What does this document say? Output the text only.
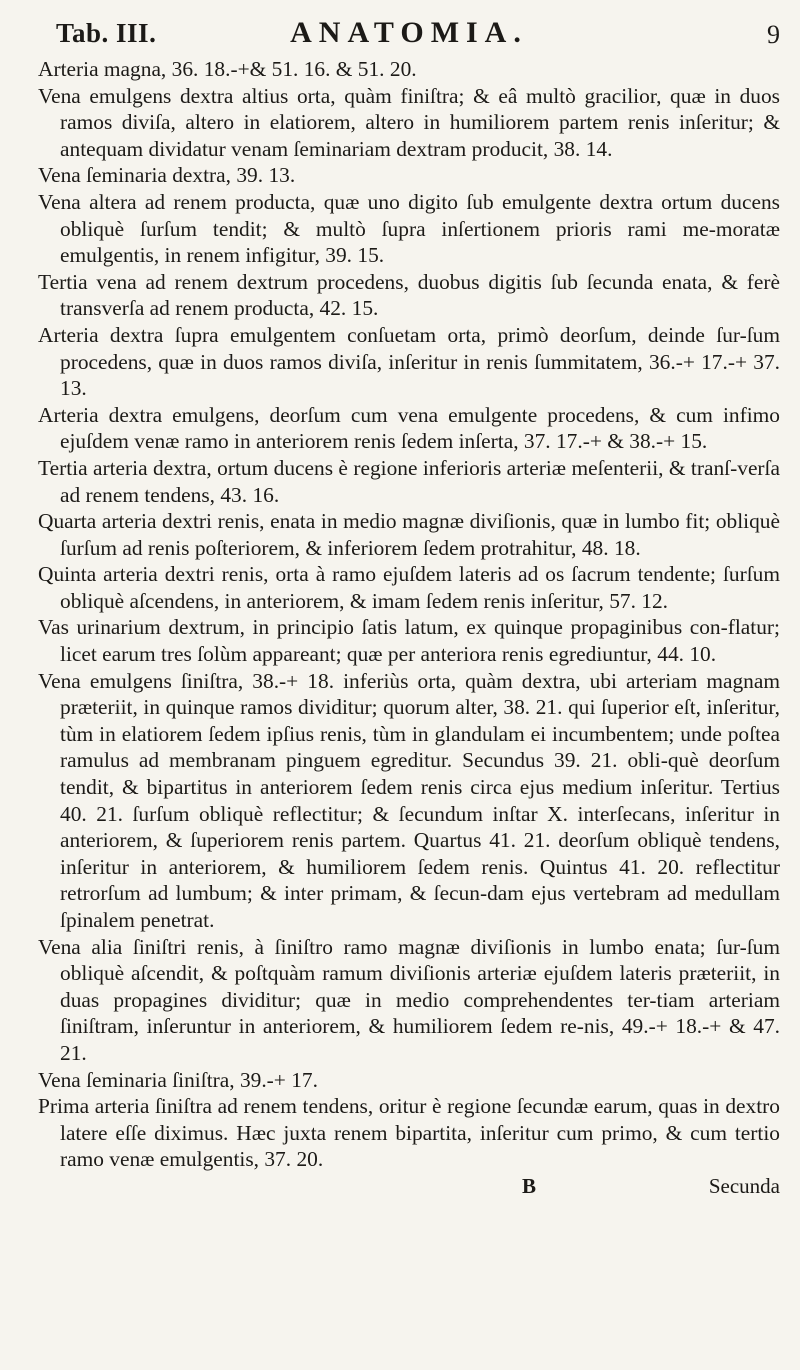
Tab. III.	ANATOMIA.	9

Arteria magna, 36. 18.-+& 51. 16. & 51. 20.

Vena emulgens dextra altius orta, quàm finiſtra; & eâ multò gracilior, quæ in duos ramos diviſa, altero in elatiorem, altero in humiliorem partem renis inſeritur; & antequam dividatur venam ſeminariam dextram producit, 38. 14.

Vena ſeminaria dextra, 39. 13.

Vena altera ad renem producta, quæ uno digito ſub emulgente dextra ortum ducens obliquè ſurſum tendit; & multò ſupra inſertionem prioris rami me-moratæ emulgentis, in renem infigitur, 39. 15.

Tertia vena ad renem dextrum procedens, duobus digitis ſub ſecunda enata, & ferè transverſa ad renem producta, 42. 15.

Arteria dextra ſupra emulgentem conſuetam orta, primò deorſum, deinde ſur-ſum procedens, quæ in duos ramos diviſa, inſeritur in renis ſummitatem, 36.-+ 17.-+ 37. 13.

Arteria dextra emulgens, deorſum cum vena emulgente procedens, & cum infimo ejuſdem venæ ramo in anteriorem renis ſedem inſerta, 37. 17.-+ & 38.-+ 15.

Tertia arteria dextra, ortum ducens è regione inferioris arteriæ meſenterii, & tranſ-verſa ad renem tendens, 43. 16.

Quarta arteria dextri renis, enata in medio magnæ diviſionis, quæ in lumbo fit; obliquè ſurſum ad renis poſteriorem, & inferiorem ſedem protrahitur, 48. 18.

Quinta arteria dextri renis, orta à ramo ejuſdem lateris ad os ſacrum tendente; ſurſum obliquè aſcendens, in anteriorem, & imam ſedem renis inſeritur, 57. 12.

Vas urinarium dextrum, in principio ſatis latum, ex quinque propaginibus con-flatur; licet earum tres ſolùm appareant; quæ per anteriora renis egrediuntur, 44. 10.

Vena emulgens ſiniſtra, 38.-+ 18. inferiùs orta, quàm dextra, ubi arteriam magnam præteriit, in quinque ramos dividitur; quorum alter, 38. 21. qui ſuperior eſt, inſeritur, tùm in elatiorem ſedem ipſius renis, tùm in glandulam ei incumbentem; unde poſtea ramulus ad membranam pinguem egreditur. Secundus 39. 21. obli-què deorſum tendit, & bipartitus in anteriorem ſedem renis circa ejus medium inſeritur. Tertius 40. 21. ſurſum obliquè reflectitur; & ſecundum inſtar X. interſecans, inſeritur in anteriorem, & ſuperiorem renis partem. Quartus 41. 21. deorſum obliquè tendens, inſeritur in anteriorem, & humiliorem ſedem renis. Quintus 41. 20. reflectitur retrorſum ad lumbum; & inter primam, & ſecun-dam ejus vertebram ad medullam ſpinalem penetrat.

Vena alia ſiniſtri renis, à ſiniſtro ramo magnæ diviſionis in lumbo enata; ſur-ſum obliquè aſcendit, & poſtquàm ramum diviſionis arteriæ ejuſdem lateris præteriit, in duas propagines dividitur; quæ in medio comprehendentes ter-tiam arteriam ſiniſtram, inſeruntur in anteriorem, & humiliorem ſedem re-nis, 49.-+ 18.-+ & 47. 21.

Vena ſeminaria ſiniſtra, 39.-+ 17.

Prima arteria ſiniſtra ad renem tendens, oritur è regione ſecundæ earum, quas in dextro latere eſſe diximus. Hæc juxta renem bipartita, inſeritur cum primo, & cum tertio ramo venæ emulgentis, 37. 20.

B	Secunda
